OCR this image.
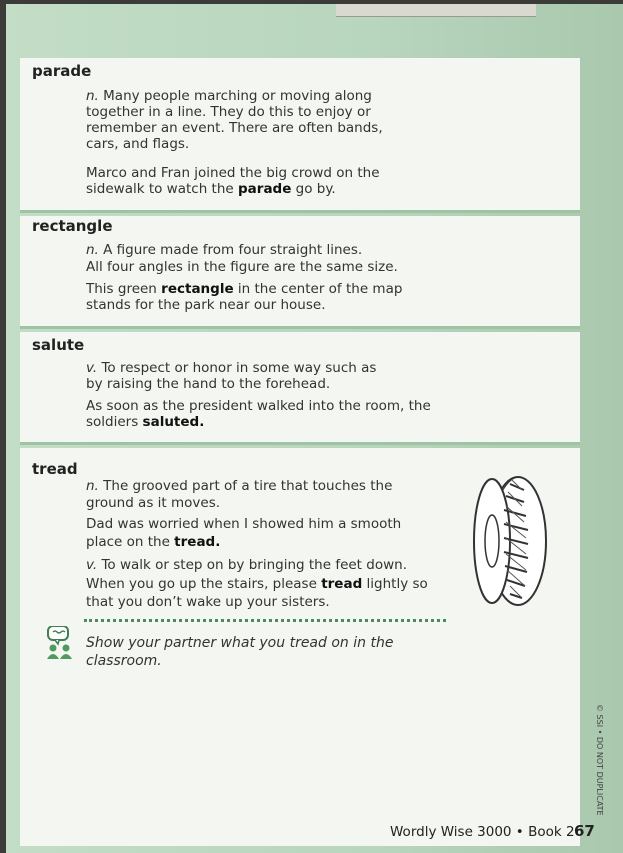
parade
n. Many people marching or moving along
together in a line. They do this to enjoy or
remember an event. There are often bands,
cars, and flags.
Marco and Fran joined the big crowd on the
sidewalk to watch the parade go by.
rectangle
n. A figure made from four straight lines.
All four angles in the figure are the same size.
This green rectangle in the center of the map
stands for the park near our house.
salute
v. To respect or honor in some way such as
by raising the hand to the forehead.
As soon as the president walked into the room, the
soldiers saluted.
tread
n. The grooved part of a tire that touches the
ground as it moves.
Dad was worried when I showed him a smooth
place on the tread.
v. To walk or step on by bringing the feet down.
When you go up the stairs, please tread lightly so
that you don’t wake up your sisters.
Show your partner what you tread on in the
classroom.
© SSI • DO NOT DUPLICATE
Wordly Wise 3000 • Book 2 67
